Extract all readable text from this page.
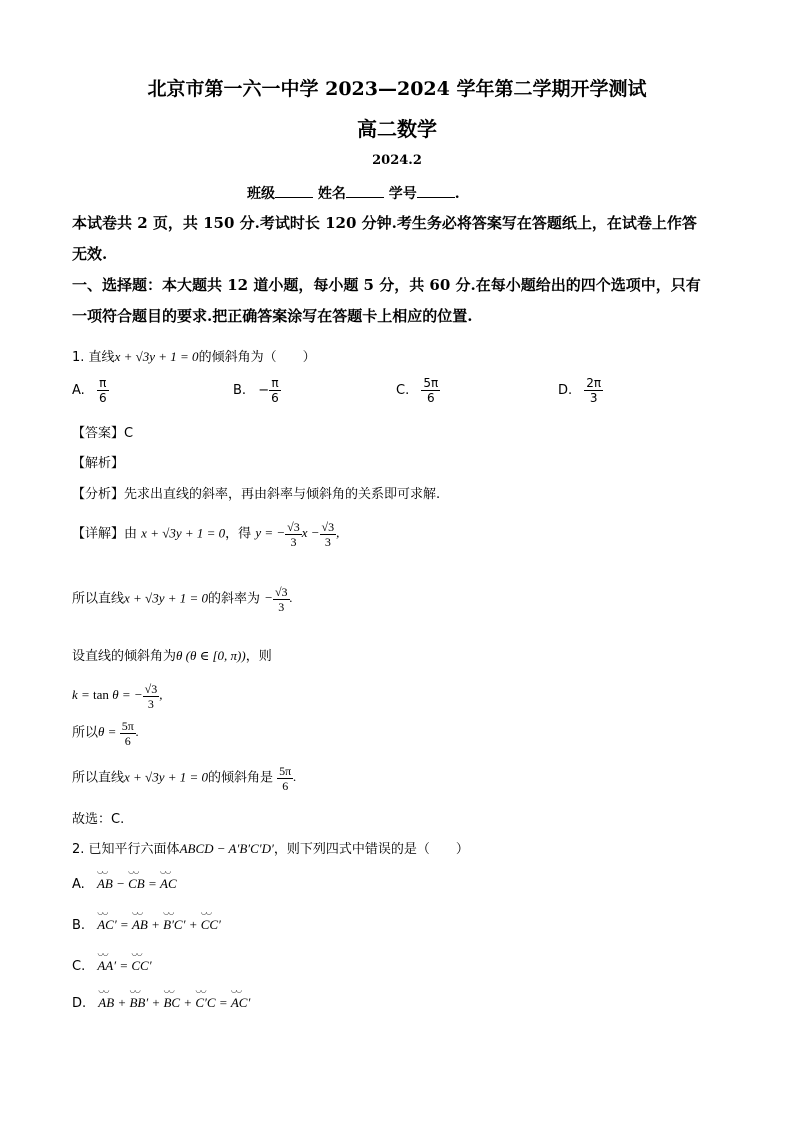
北京市第一六一中学 2023—2024 学年第二学期开学测试
高二数学
2024.2
班级	姓名	学号	.
本试卷共 2 页，共 150 分.考试时长 120 分钟.考生务必将答案写在答题纸上，在试卷上作答
无效.
一、选择题：本大题共 12 道小题，每小题 5 分，共 60 分.在每小题给出的四个选项中，只有
一项符合题目的要求.把正确答案涂写在答题卡上相应的位置.
1. 直线x + √3y + 1 = 0的倾斜角为（　　）
A. $\frac{\pi}{6}$	B. − $\frac{\pi}{6}$	C. $\frac{5\pi}{6}$	D. $\frac{2\pi}{3}$
【答案】C
【解析】
【分析】先求出直线的斜率，再由斜率与倾斜角的关系即可求解.
【详解】由 x + √3y + 1 = 0，得 y = − $\frac{√3}{3}$ $x - \frac{√3}{3}$ ,
所以直线x + √3y + 1 = 0的斜率为 − $\frac{√3}{3}$ .
设直线的倾斜角为θ (θ ∈ [0, π))，则
k = tan θ = − $\frac{√3}{3}$ ,
所以$\theta = \frac{5\pi}{6}$ .
所以直线x + √3y + 1 = 0的倾斜角是 $\frac{5\pi}{6}$ .
故选：C.
2. 已知平行六面体ABCD − A′B′C′D′，则下列四式中错误的是（　　）
A. ◡◡ AB − ◡◡ CB = ◡◡ AC
B. ◡◡ AC′ = ◡◡ AB + ◡◡ B′C′ + ◡◡ CC′
C. ◡◡ AA′ = ◡◡ CC′
D. ◡◡ AB + ◡◡ BB′ + ◡◡ BC + ◡◡ C′C = ◡◡ AC′
